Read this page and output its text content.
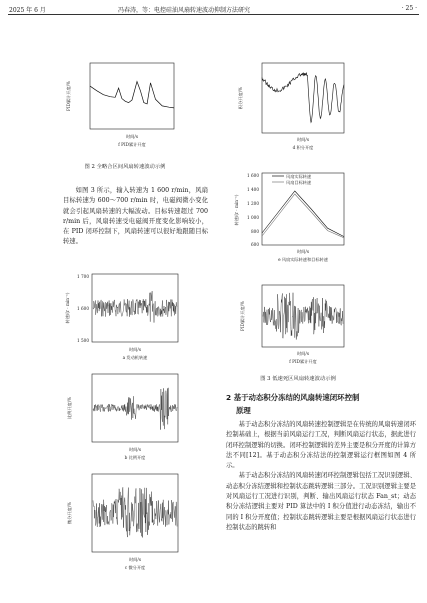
2025 年 6 月	冯春涛，等：电控硅油风扇转速波动抑制方法研究	· 25 ·
PID累计开度/%
时间/s
f PID累计开度
图 2 全略合区间风扇转速波动示例

如图 3 所示，输入转速为 1 600 r/min，风扇目标转速为 600～700 r/min 时，电磁阀微小变化就会引起风扇转速的大幅波动。目标转速超过 700 r/min 后，风扇转速受电磁阀开度变化影响较小，在 PID 闭环控制下，风扇转速可以很好地跟随目标转速。

1 700
1 600
1 500
转速/(r · min⁻¹)
时间/s
a 发动机转速
比例开度/%
时间/s
b 比例开度
微分开度/%
时间/s
c 微分开度
积分开度/%
时间/s
d 积分开度
1 600
1 400
1 200
1 000
800
600
风扇实际转速
风扇目标转速
转速/(r · min⁻¹)
时间/s
e 风扇实际转速和目标转速
PID累计开度/%
时间/s
f PID累计开度
图 3 低速死区风扇转速波动示例
2 基于动态积分冻结的风扇转速闭环控制
原理

基于动态积分冻结的风扇转速控制逻辑是在传统的风扇转速闭环控制基础上，根据当前风扇运行工况，判断风扇运行状态，据此进行闭环控制逻辑的切换。闭环控制逻辑的差异主要是积分开度的计算方法不同[12]。基于动态积分冻结法的控制逻辑运行框图如图 4 所示。

基于动态积分冻结的风扇转速闭环控制逻辑包括工况识别逻辑、动态积分冻结逻辑和控制状态跳转逻辑三部分。工况识别逻辑主要是对风扇运行工况进行识别，判断、输出风扇运行状态 Fan_st；动态积分冻结逻辑主要对 PID 算法中的 I 积分值进行动态冻结，输出不同的 I 积分开度值；控制状态跳转逻辑主要是根据风扇运行状态进行控制状态的跳转和
